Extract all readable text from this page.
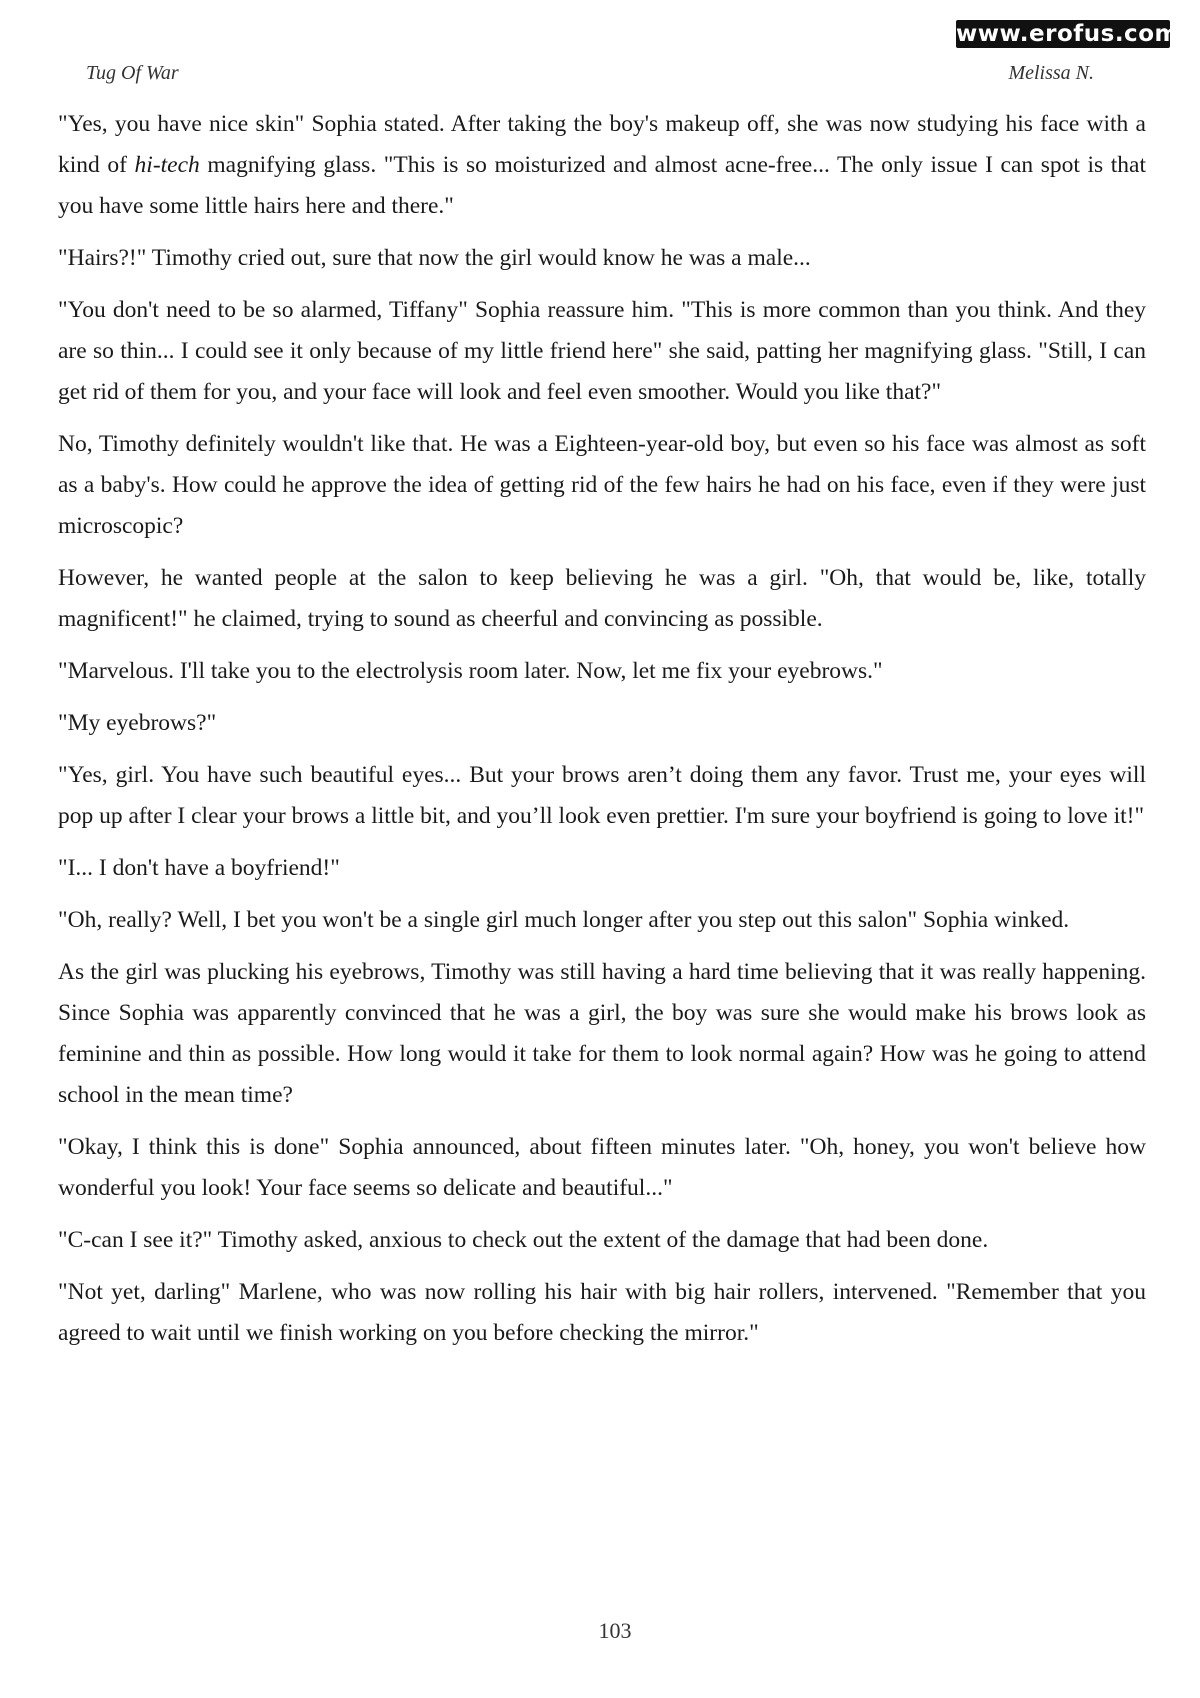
www.erofus.com
Tug Of War	Melissa N.

"Yes, you have nice skin" Sophia stated. After taking the boy's makeup off, she was now studying his face with a kind of hi-tech magnifying glass. "This is so moisturized and almost acne-free... The only issue I can spot is that you have some little hairs here and there."

"Hairs?!" Timothy cried out, sure that now the girl would know he was a male...

"You don't need to be so alarmed, Tiffany" Sophia reassure him. "This is more common than you think. And they are so thin... I could see it only because of my little friend here" she said, patting her magnifying glass. "Still, I can get rid of them for you, and your face will look and feel even smoother. Would you like that?"

No, Timothy definitely wouldn't like that. He was a Eighteen-year-old boy, but even so his face was almost as soft as a baby's. How could he approve the idea of getting rid of the few hairs he had on his face, even if they were just microscopic?

However, he wanted people at the salon to keep believing he was a girl. "Oh, that would be, like, totally magnificent!" he claimed, trying to sound as cheerful and convincing as possible.

"Marvelous. I'll take you to the electrolysis room later. Now, let me fix your eyebrows."

"My eyebrows?"

"Yes, girl. You have such beautiful eyes... But your brows aren’t doing them any favor. Trust me, your eyes will pop up after I clear your brows a little bit, and you’ll look even prettier. I'm sure your boyfriend is going to love it!"

"I... I don't have a boyfriend!"

"Oh, really? Well, I bet you won't be a single girl much longer after you step out this salon" Sophia winked.

As the girl was plucking his eyebrows, Timothy was still having a hard time believing that it was really happening. Since Sophia was apparently convinced that he was a girl, the boy was sure she would make his brows look as feminine and thin as possible. How long would it take for them to look normal again? How was he going to attend school in the mean time?

"Okay, I think this is done" Sophia announced, about fifteen minutes later. "Oh, honey, you won't believe how wonderful you look! Your face seems so delicate and beautiful..."

"C-can I see it?" Timothy asked, anxious to check out the extent of the damage that had been done.

"Not yet, darling" Marlene, who was now rolling his hair with big hair rollers, intervened. "Remember that you agreed to wait until we finish working on you before checking the mirror."

103
